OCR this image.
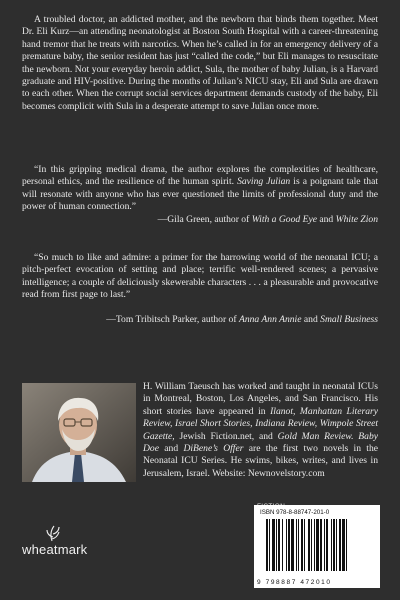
A troubled doctor, an addicted mother, and the newborn that binds them together. Meet Dr. Eli Kurz—an attending neonatologist at Boston South Hospital with a career-threatening hand tremor that he treats with narcotics. When he’s called in for an emergency delivery of a premature baby, the senior resident has just “called the code,” but Eli manages to resuscitate the newborn. Not your everyday heroin addict, Sula, the mother of baby Julian, is a Harvard graduate and HIV-positive. During the months of Julian’s NICU stay, Eli and Sula are drawn to each other. When the corrupt social services department demands custody of the baby, Eli becomes complicit with Sula in a desperate attempt to save Julian once more.

“In this gripping medical drama, the author explores the complexities of healthcare, personal ethics, and the resilience of the human spirit. Saving Julian is a poignant tale that will resonate with anyone who has ever questioned the limits of professional duty and the power of human connection.”

—Gila Green, author of With a Good Eye and White Zion

“So much to like and admire: a primer for the harrowing world of the neonatal ICU; a pitch-perfect evocation of setting and place; terrific well-rendered scenes; a pervasive intelligence; a couple of deliciously skewerable characters . . . a pleasurable and provocative read from first page to last.”

—Tom Tribitsch Parker, author of Anna Ann Annie and Small Business

H. William Taeusch has worked and taught in neonatal ICUs in Montreal, Boston, Los Angeles, and San Francisco. His short stories have appeared in Ilanot, Manhattan Literary Review, Israel Short Stories, Indiana Review, Wimpole Street Gazette, Jewish Fiction.net, and Gold Man Review. Baby Doe and DiBene’s Offer are the first two novels in the Neonatal ICU Series. He swims, bikes, writes, and lives in Jerusalem, Israel. Website: Newnovelstory.com

wheatmark
ISBN 978-8-88747-201-0
9 798887 472010
